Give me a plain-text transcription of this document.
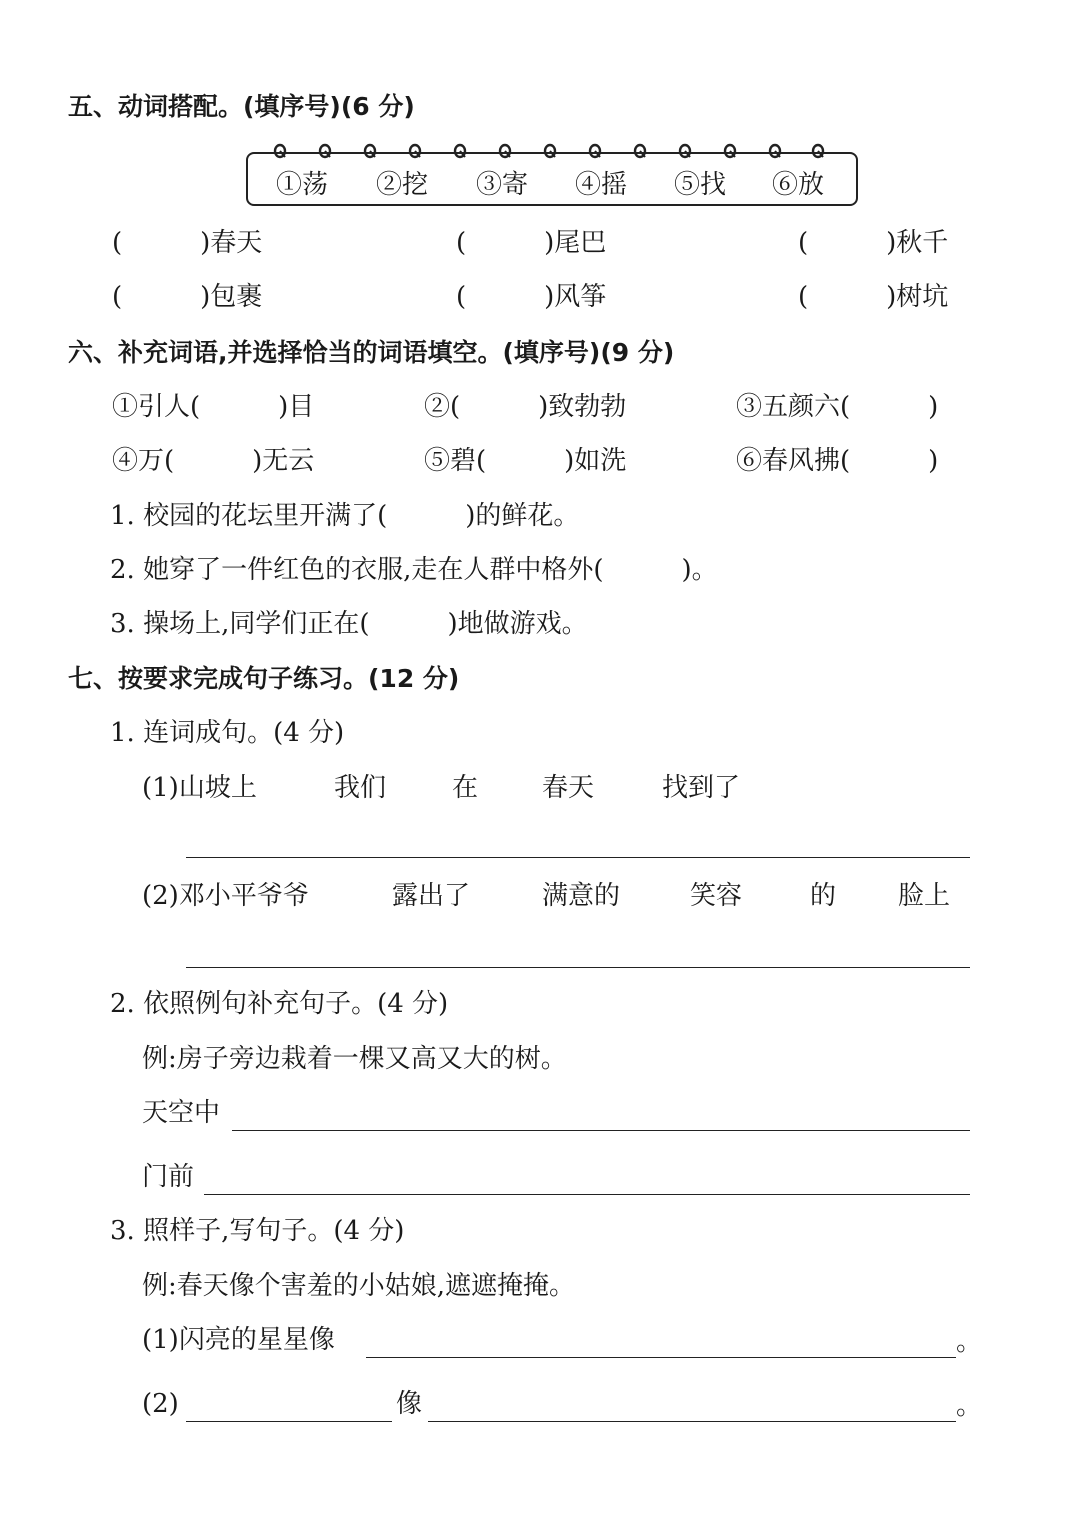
五、动词搭配。(填序号)(6 分)
①荡 ②挖 ③寄 ④摇 ⑤找 ⑥放
(　　　)春天	(　　　)尾巴	(　　　)秋千
(　　　)包裹	(　　　)风筝	(　　　)树坑
六、补充词语,并选择恰当的词语填空。(填序号)(9 分)
①引人(　　　)目	②(　　　)致勃勃	③五颜六(　　　)
④万(　　　)无云	⑤碧(　　　)如洗	⑥春风拂(　　　)
1. 校园的花坛里开满了(　　　)的鲜花。
2. 她穿了一件红色的衣服,走在人群中格外(　　　)。
3. 操场上,同学们正在(　　　)地做游戏。
七、按要求完成句子练习。(12 分)
1. 连词成句。(4 分)
(1)山坡上	我们	在 春天	找到了
(2)邓小平爷爷	露出了	满意的	笑容	的 脸上
2. 依照例句补充句子。(4 分)
例:房子旁边栽着一棵又高又大的树。
天空中
门前
3. 照样子,写句子。(4 分)
例:春天像个害羞的小姑娘,遮遮掩掩。
(1)闪亮的星星像	。
(2)	像	。
